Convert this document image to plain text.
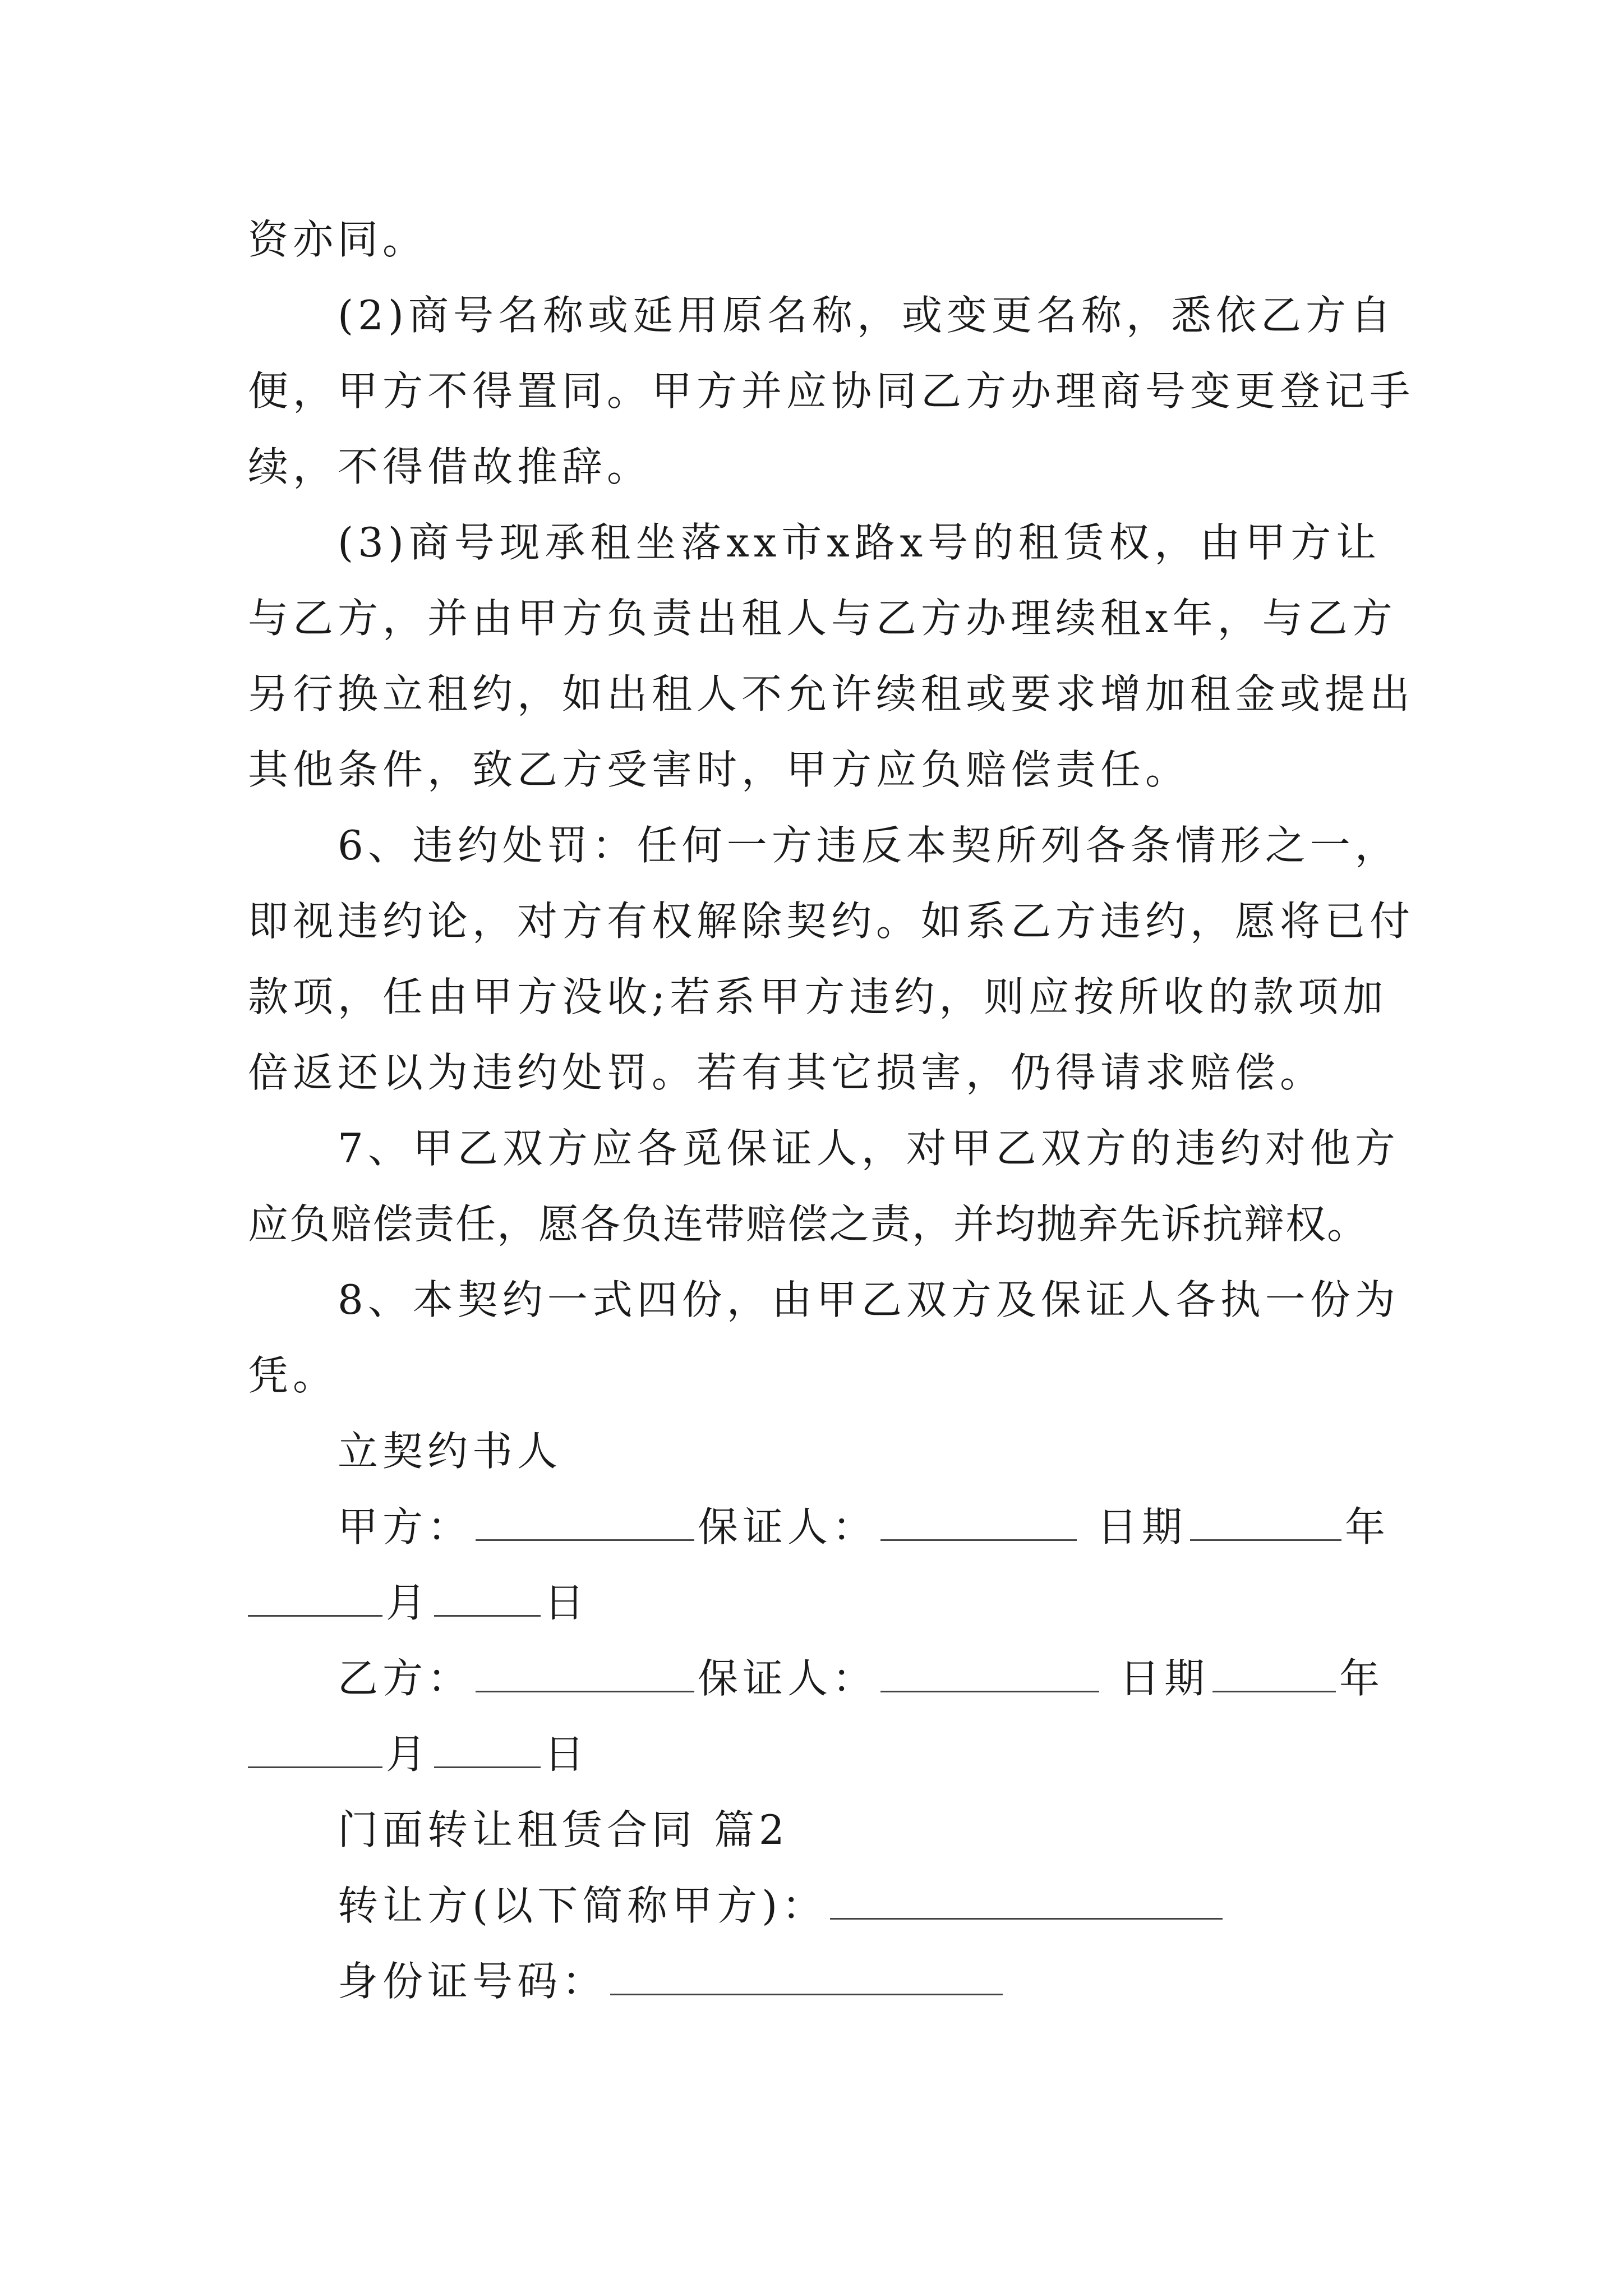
资亦同。
(2)商号名称或延用原名称，或变更名称，悉依乙方自
便，甲方不得置同。甲方并应协同乙方办理商号变更登记手
续，不得借故推辞。
(3)商号现承租坐落xx市x路x号的租赁权，由甲方让
与乙方，并由甲方负责出租人与乙方办理续租x年，与乙方
另行换立租约，如出租人不允许续租或要求增加租金或提出
其他条件，致乙方受害时，甲方应负赔偿责任。
6、违约处罚：任何一方违反本契所列各条情形之一，
即视违约论，对方有权解除契约。如系乙方违约，愿将已付
款项，任由甲方没收;若系甲方违约，则应按所收的款项加
倍返还以为违约处罚。若有其它损害，仍得请求赔偿。
7、甲乙双方应各觅保证人，对甲乙双方的违约对他方
应负赔偿责任，愿各负连带赔偿之责，并均抛弃先诉抗辩权。
8、本契约一式四份，由甲乙双方及保证人各执一份为
凭。
立契约书人
甲方：	保证人：	日期	年
月	日
乙方：	保证人：	日期	年
月	日
门面转让租赁合同 篇2
转让方(以下简称甲方)：
身份证号码：
